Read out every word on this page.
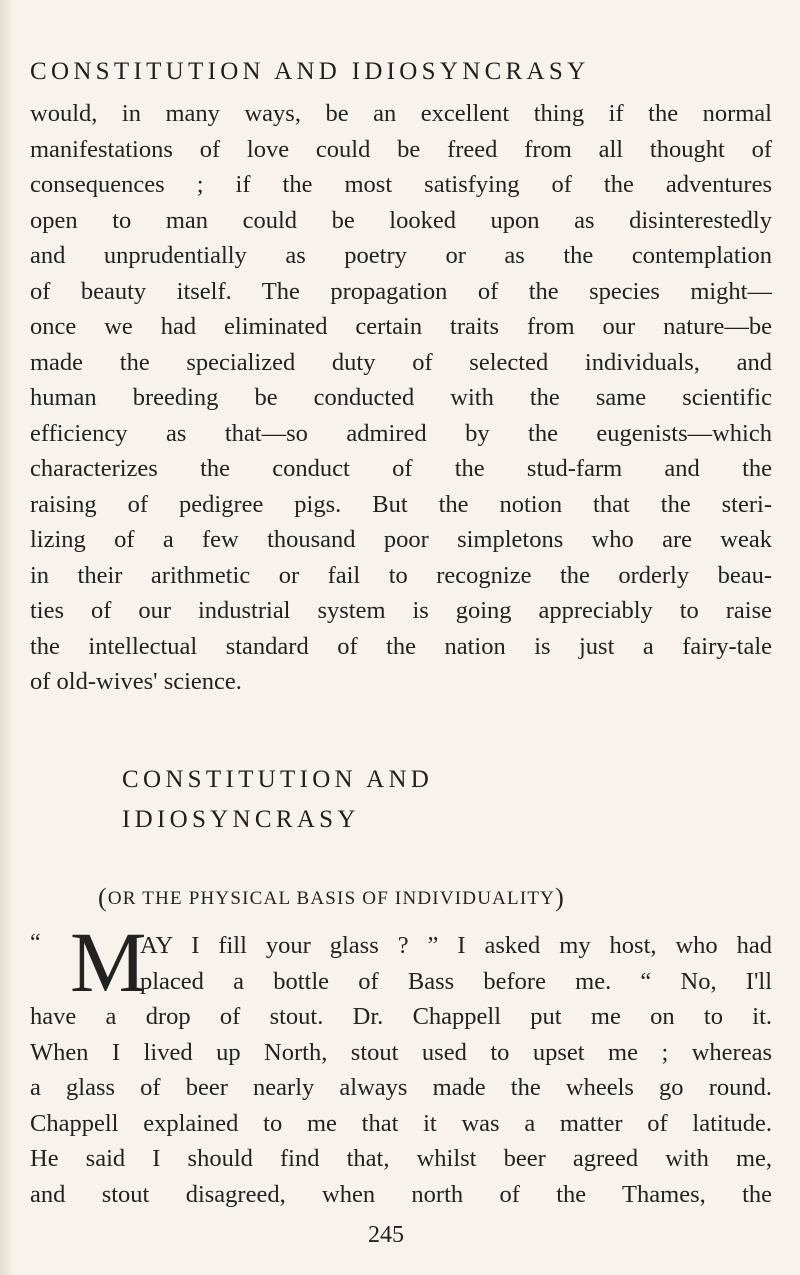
CONSTITUTION AND IDIOSYNCRASY
would, in many ways, be an excellent thing if the normal
manifestations of love could be freed from all thought of
consequences ; if the most satisfying of the adventures
open to man could be looked upon as disinterestedly
and unprudentially as poetry or as the contemplation
of beauty itself. The propagation of the species might—
once we had eliminated certain traits from our nature—be
made the specialized duty of selected individuals, and
human breeding be conducted with the same scientific
efficiency as that—so admired by the eugenists—which
characterizes the conduct of the stud-farm and the
raising of pedigree pigs. But the notion that the steri-
lizing of a few thousand poor simpletons who are weak
in their arithmetic or fail to recognize the orderly beau-
ties of our industrial system is going appreciably to raise
the intellectual standard of the nation is just a fairy-tale
of old-wives' science.
CONSTITUTION AND
IDIOSYNCRASY
(OR THE PHYSICAL BASIS OF INDIVIDUALITY)
“ M
AY I fill your glass ? ” I asked my host, who had
placed a bottle of Bass before me. “ No, I'll
have a drop of stout. Dr. Chappell put me on to it.
When I lived up North, stout used to upset me ; whereas
a glass of beer nearly always made the wheels go round.
Chappell explained to me that it was a matter of latitude.
He said I should find that, whilst beer agreed with me,
and stout disagreed, when north of the Thames, the
245
